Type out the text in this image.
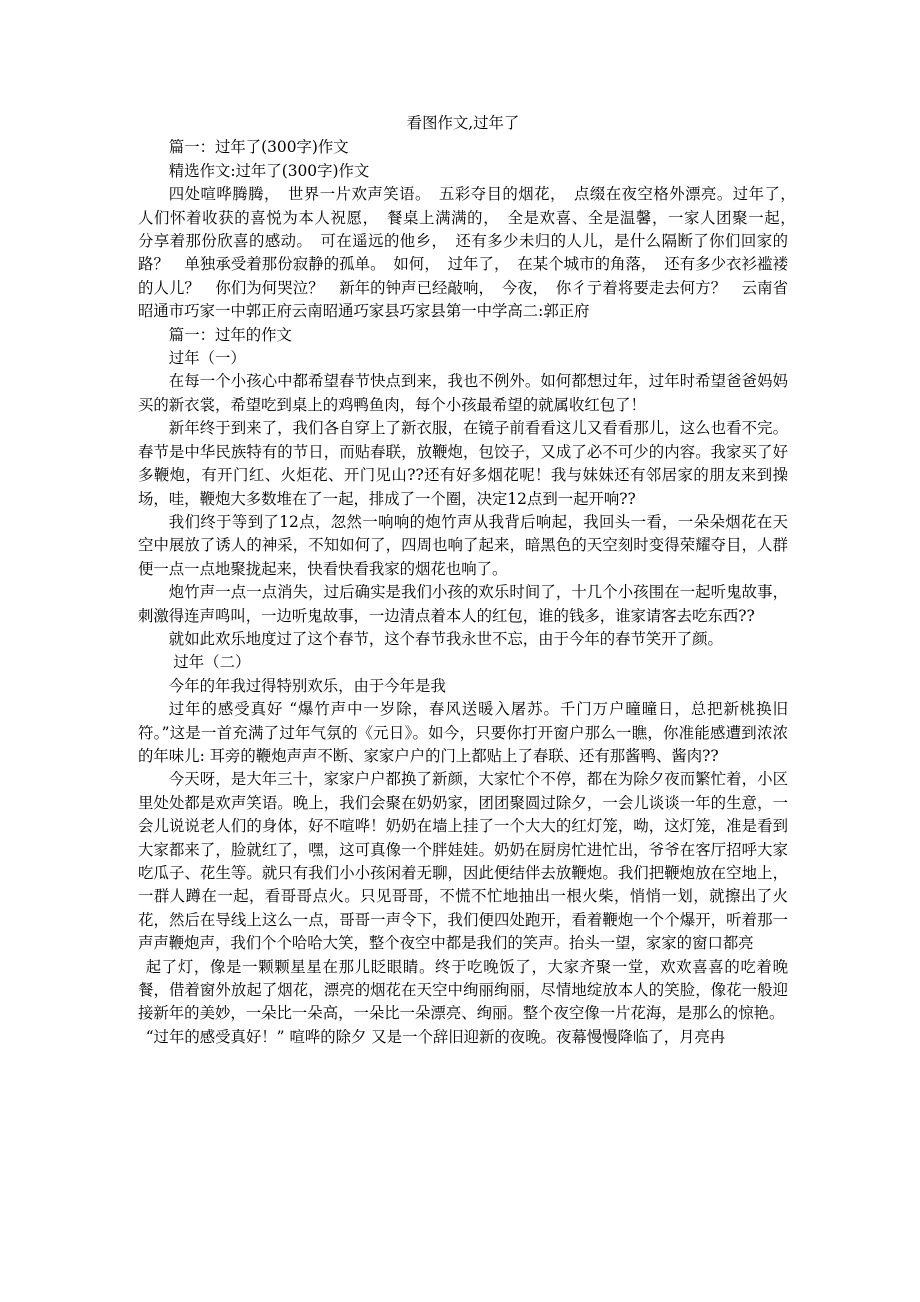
看图作文,过年了

篇一：过年了(300字)作文

精选作文:过年了(300字)作文

四处喧哗腾腾，　世界一片欢声笑语。　五彩夺目的烟花，　点缀在夜空格外漂亮。过年了，　人们怀着收获的喜悦为本人祝愿，　餐桌上满满的，　全是欢喜、全是温馨，一家人团聚一起，　分享着那份欣喜的感动。　可在遥远的他乡，　还有多少未归的人儿，是什么隔断了你们回家的路？　单独承受着那份寂静的孤单。　如何，　过年了，　在某个城市的角落，　还有多少衣衫褴褛的人儿？　你们为何哭泣？　新年的钟声已经敲响，　今夜，　你彳亍着将要走去何方？　云南省昭通市巧家一中郭正府云南昭通巧家县巧家县第一中学高二:郭正府

篇一：过年的作文

过年（一）

在每一个小孩心中都希望春节快点到来，我也不例外。如何都想过年，过年时希望爸爸妈妈买的新衣裳，希望吃到桌上的鸡鸭鱼肉，每个小孩最希望的就属收红包了！

新年终于到来了，我们各自穿上了新衣服，在镜子前看看这儿又看看那儿，这么也看不完。春节是中华民族特有的节日，而贴春联，放鞭炮，包饺子，又成了必不可少的内容。我家买了好多鞭炮，有开门红、火炬花、开门见山??还有好多烟花呢！我与妹妹还有邻居家的朋友来到操场，哇，鞭炮大多数堆在了一起，排成了一个圈，决定12点到一起开响??

我们终于等到了12点，忽然一响响的炮竹声从我背后响起，我回头一看，一朵朵烟花在天空中展放了诱人的神采，不知如何了，四周也响了起来，暗黑色的天空刻时变得荣耀夺目，人群便一点一点地聚拢起来，快看快看我家的烟花也响了。

炮竹声一点一点消失，过后确实是我们小孩的欢乐时间了，十几个小孩围在一起听鬼故事，刺激得连声鸣叫，一边听鬼故事，一边清点着本人的红包，谁的钱多，谁家请客去吃东西??

就如此欢乐地度过了这个春节，这个春节我永世不忘，由于今年的春节笑开了颜。

过年（二）

今年的年我过得特别欢乐，由于今年是我

过年的感受真好 “爆竹声中一岁除，春风送暖入屠苏。千门万户曈曈日，总把新桃换旧符。”这是一首充满了过年气氛的《元日》。如今，只要你打开窗户那么一瞧，你准能感遭到浓浓的年味儿: 耳旁的鞭炮声声不断、家家户户的门上都贴上了春联、还有那酱鸭、酱肉??

今天呀，是大年三十，家家户户都换了新颜，大家忙个不停，都在为除夕夜而繁忙着，小区里处处都是欢声笑语。晚上，我们会聚在奶奶家，团团聚圆过除夕，一会儿谈谈一年的生意，一会儿说说老人们的身体，好不喧哗！奶奶在墙上挂了一个大大的红灯笼，呦，这灯笼，准是看到大家都来了，脸就红了，嘿，这可真像一个胖娃娃。奶奶在厨房忙进忙出，爷爷在客厅招呼大家吃瓜子、花生等。就只有我们小小孩闲着无聊，因此便结伴去放鞭炮。我们把鞭炮放在空地上，一群人蹲在一起，看哥哥点火。只见哥哥，不慌不忙地抽出一根火柴，悄悄一划，就擦出了火花，然后在导线上这么一点，哥哥一声令下，我们便四处跑开，看着鞭炮一个个爆开，听着那一声声鞭炮声，我们个个哈哈大笑，整个夜空中都是我们的笑声。抬头一望，家家的窗口都亮

起了灯，像是一颗颗星星在那儿眨眼睛。终于吃晚饭了，大家齐聚一堂，欢欢喜喜的吃着晚餐，借着窗外放起了烟花，漂亮的烟花在天空中绚丽绚丽，尽情地绽放本人的笑脸，像花一般迎接新年的美妙，一朵比一朵高，一朵比一朵漂亮、绚丽。整个夜空像一片花海，是那么的惊艳。

“过年的感受真好！” 喧哗的除夕 又是一个辞旧迎新的夜晚。夜幕慢慢降临了，月亮冉
